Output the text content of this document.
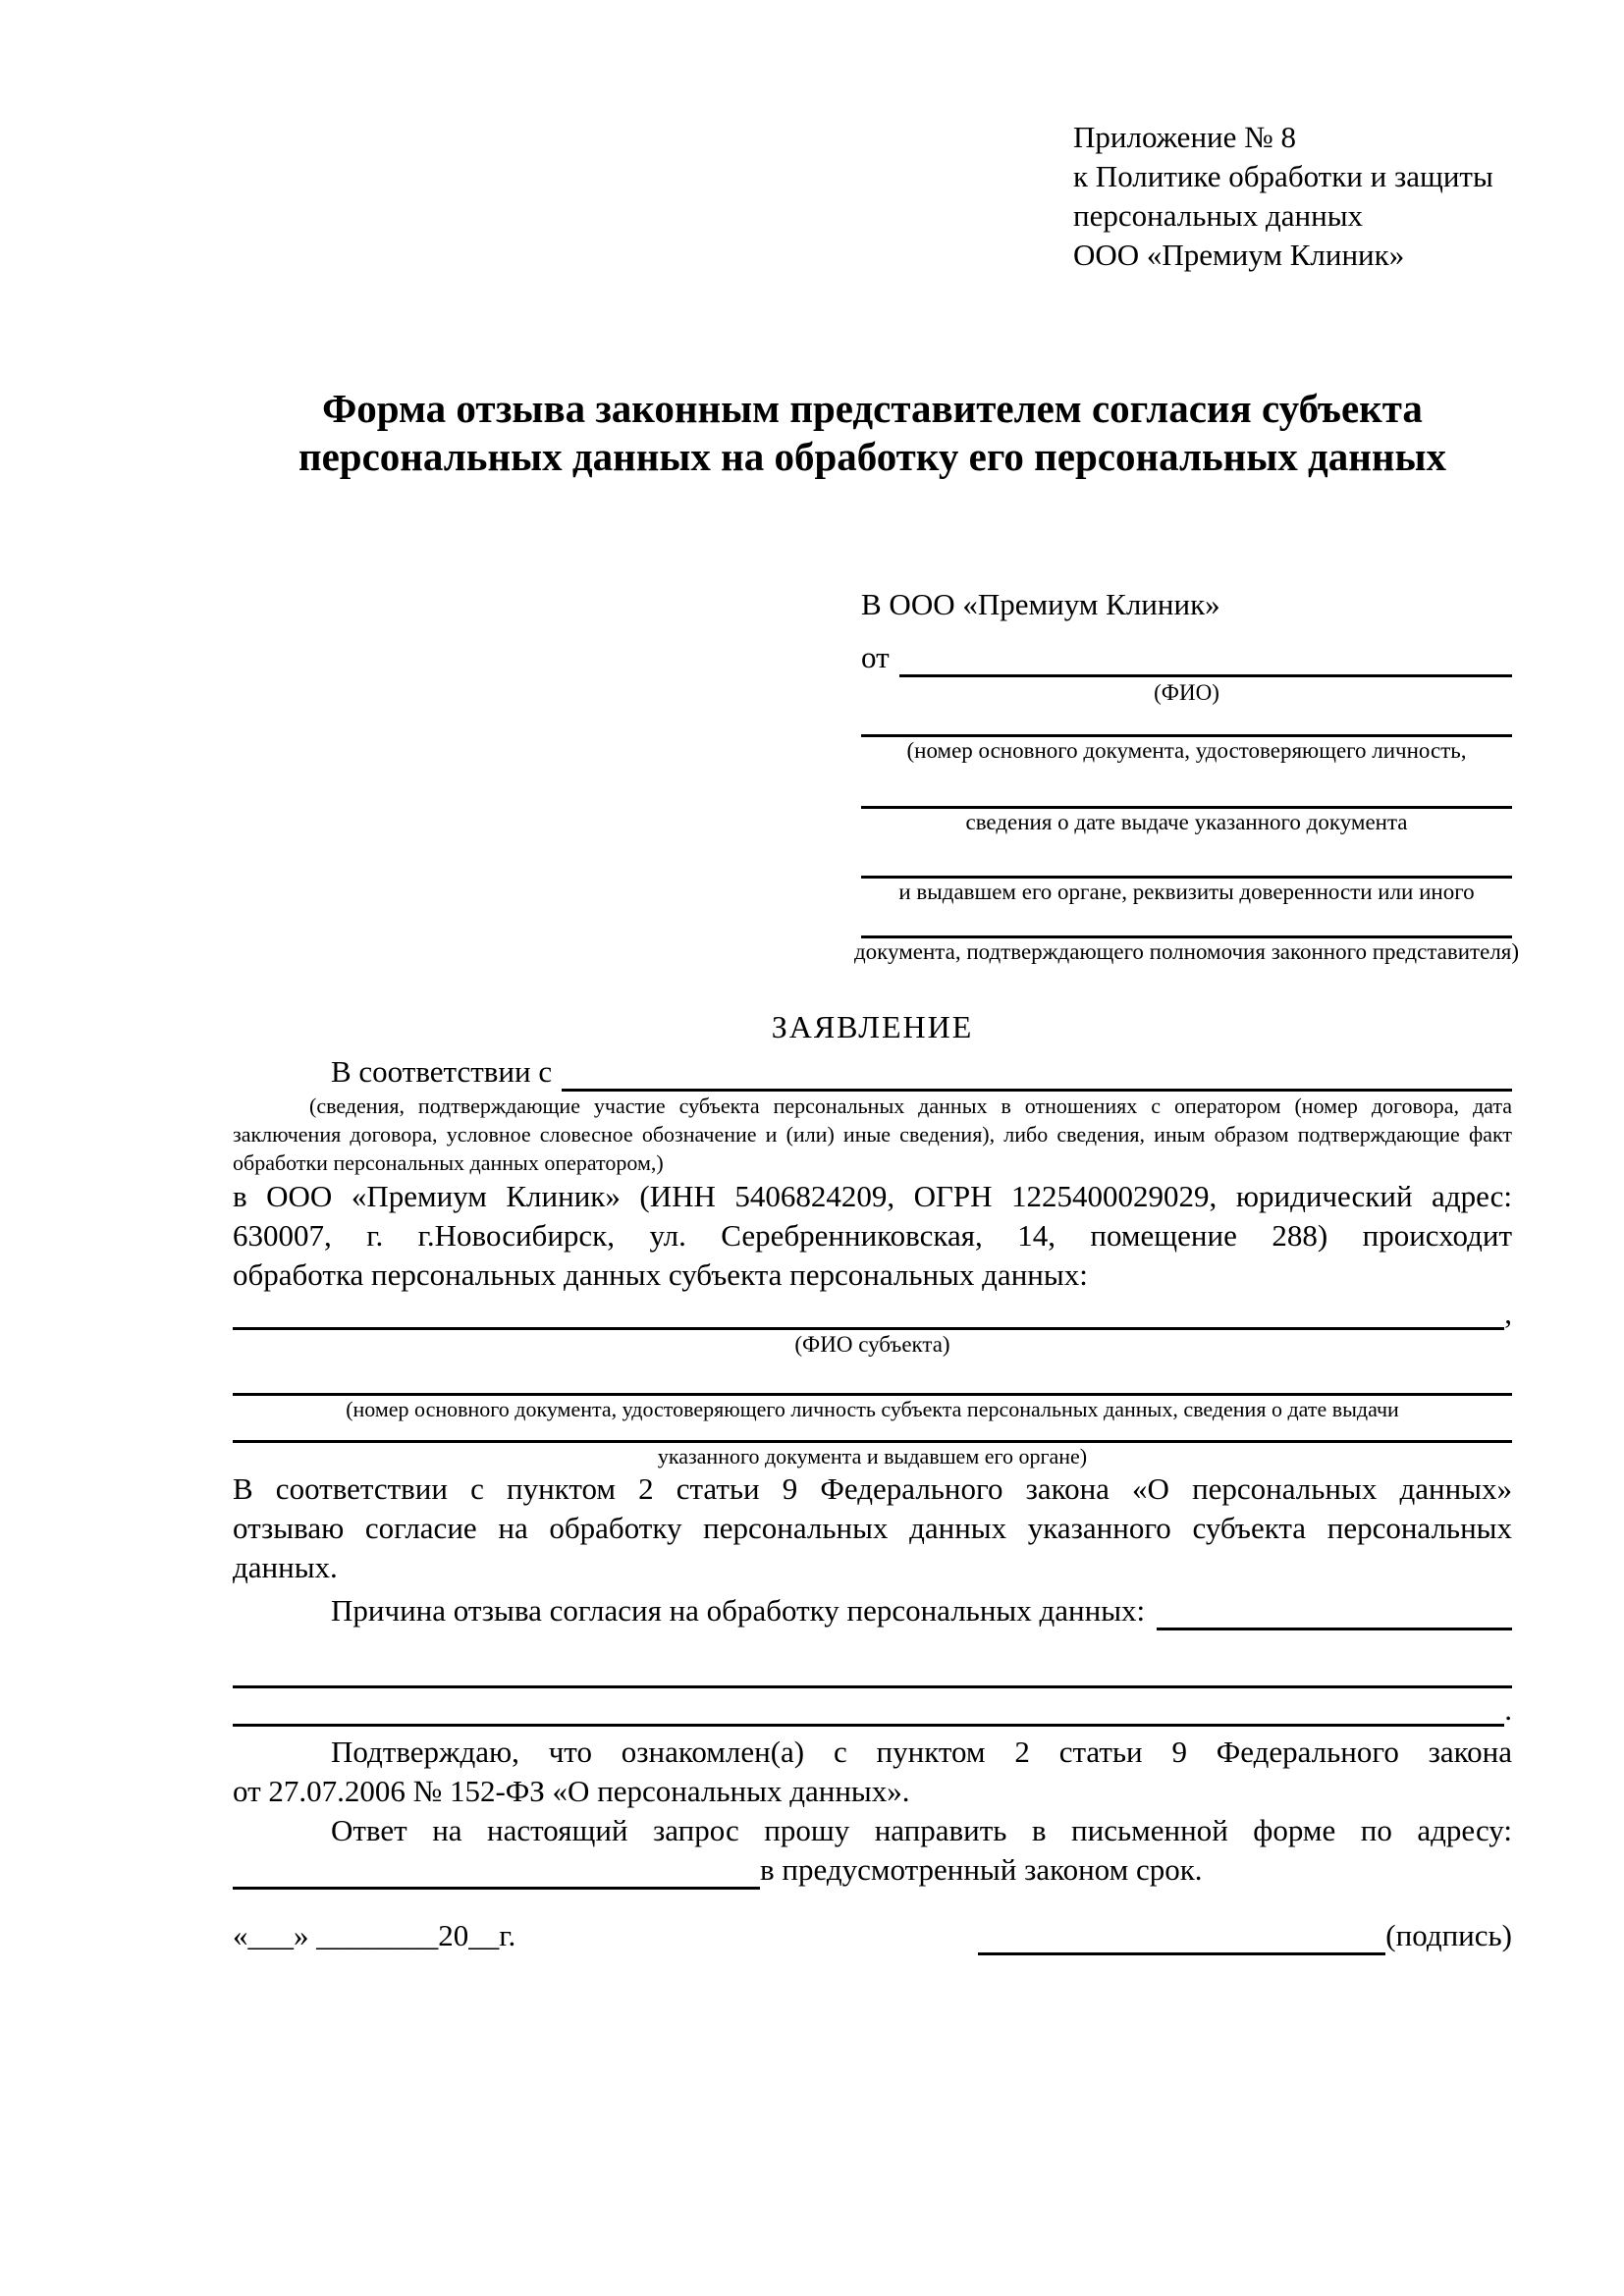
Приложение № 8
к Политике обработки и защиты
персональных данных
ООО «Премиум Клиник»
Форма отзыва законным представителем согласия субъекта
персональных данных на обработку его персональных данных
В ООО «Премиум Клиник»
от
(ФИО)
(номер основного документа, удостоверяющего личность,
сведения о дате выдаче указанного документа
и выдавшем его органе, реквизиты доверенности или иного
документа, подтверждающего полномочия законного представителя)
ЗАЯВЛЕНИЕ
В соответствии с
(сведения, подтверждающие участие субъекта персональных данных в отношениях с оператором (номер договора, дата
заключения договора, условное словесное обозначение и (или) иные сведения), либо сведения, иным образом подтверждающие факт
обработки персональных данных оператором,)
в ООО «Премиум Клиник» (ИНН 5406824209, ОГРН 1225400029029, юридический адрес:
630007, г. г.Новосибирск, ул. Серебренниковская, 14, помещение 288) происходит
обработка персональных данных субъекта персональных данных:
,
(ФИО субъекта)
(номер основного документа, удостоверяющего личность субъекта персональных данных, сведения о дате выдачи
указанного документа и выдавшем его органе)
В соответствии с пунктом 2 статьи 9 Федерального закона «О персональных данных»
отзываю согласие на обработку персональных данных указанного субъекта персональных
данных.
Причина отзыва согласия на обработку персональных данных:
.
Подтверждаю, что ознакомлен(а) с пунктом 2 статьи 9 Федерального закона
от 27.07.2006 № 152-ФЗ «О персональных данных».
Ответ на настоящий запрос прошу направить в письменной форме по адресу:
в предусмотренный законом срок.
«___» ________20__г.	(подпись)
